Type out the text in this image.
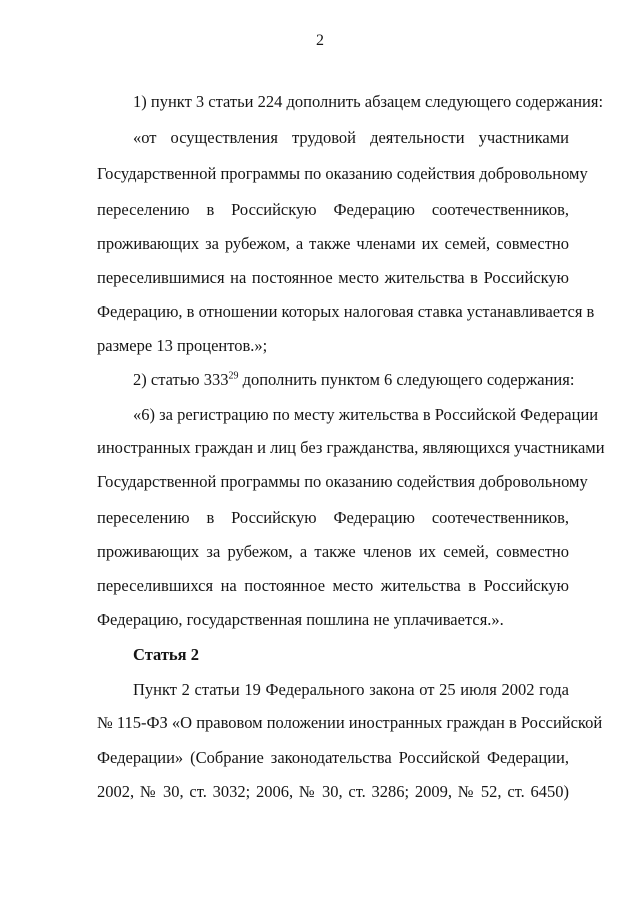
2
1) пункт 3 статьи 224 дополнить абзацем следующего содержания:
«от осуществления трудовой деятельности участниками
Государственной программы по оказанию содействия добровольному
переселению в Российскую Федерацию соотечественников,
проживающих за рубежом, а также членами их семей, совместно
переселившимися на постоянное место жительства в Российскую
Федерацию, в отношении которых налоговая ставка устанавливается в
размере 13 процентов.»;
2) статью $333^{29}$ дополнить пунктом 6 следующего содержания:
«6) за регистрацию по месту жительства в Российской Федерации
иностранных граждан и лиц без гражданства, являющихся участниками
Государственной программы по оказанию содействия добровольному
переселению в Российскую Федерацию соотечественников,
проживающих за рубежом, а также членов их семей, совместно
переселившихся на постоянное место жительства в Российскую
Федерацию, государственная пошлина не уплачивается.».
Статья 2
Пункт 2 статьи 19 Федерального закона от 25 июля 2002 года
№ 115-ФЗ «О правовом положении иностранных граждан в Российской
Федерации» (Собрание законодательства Российской Федерации,
2002, № 30, ст. 3032; 2006, № 30, ст. 3286; 2009, № 52, ст. 6450)
